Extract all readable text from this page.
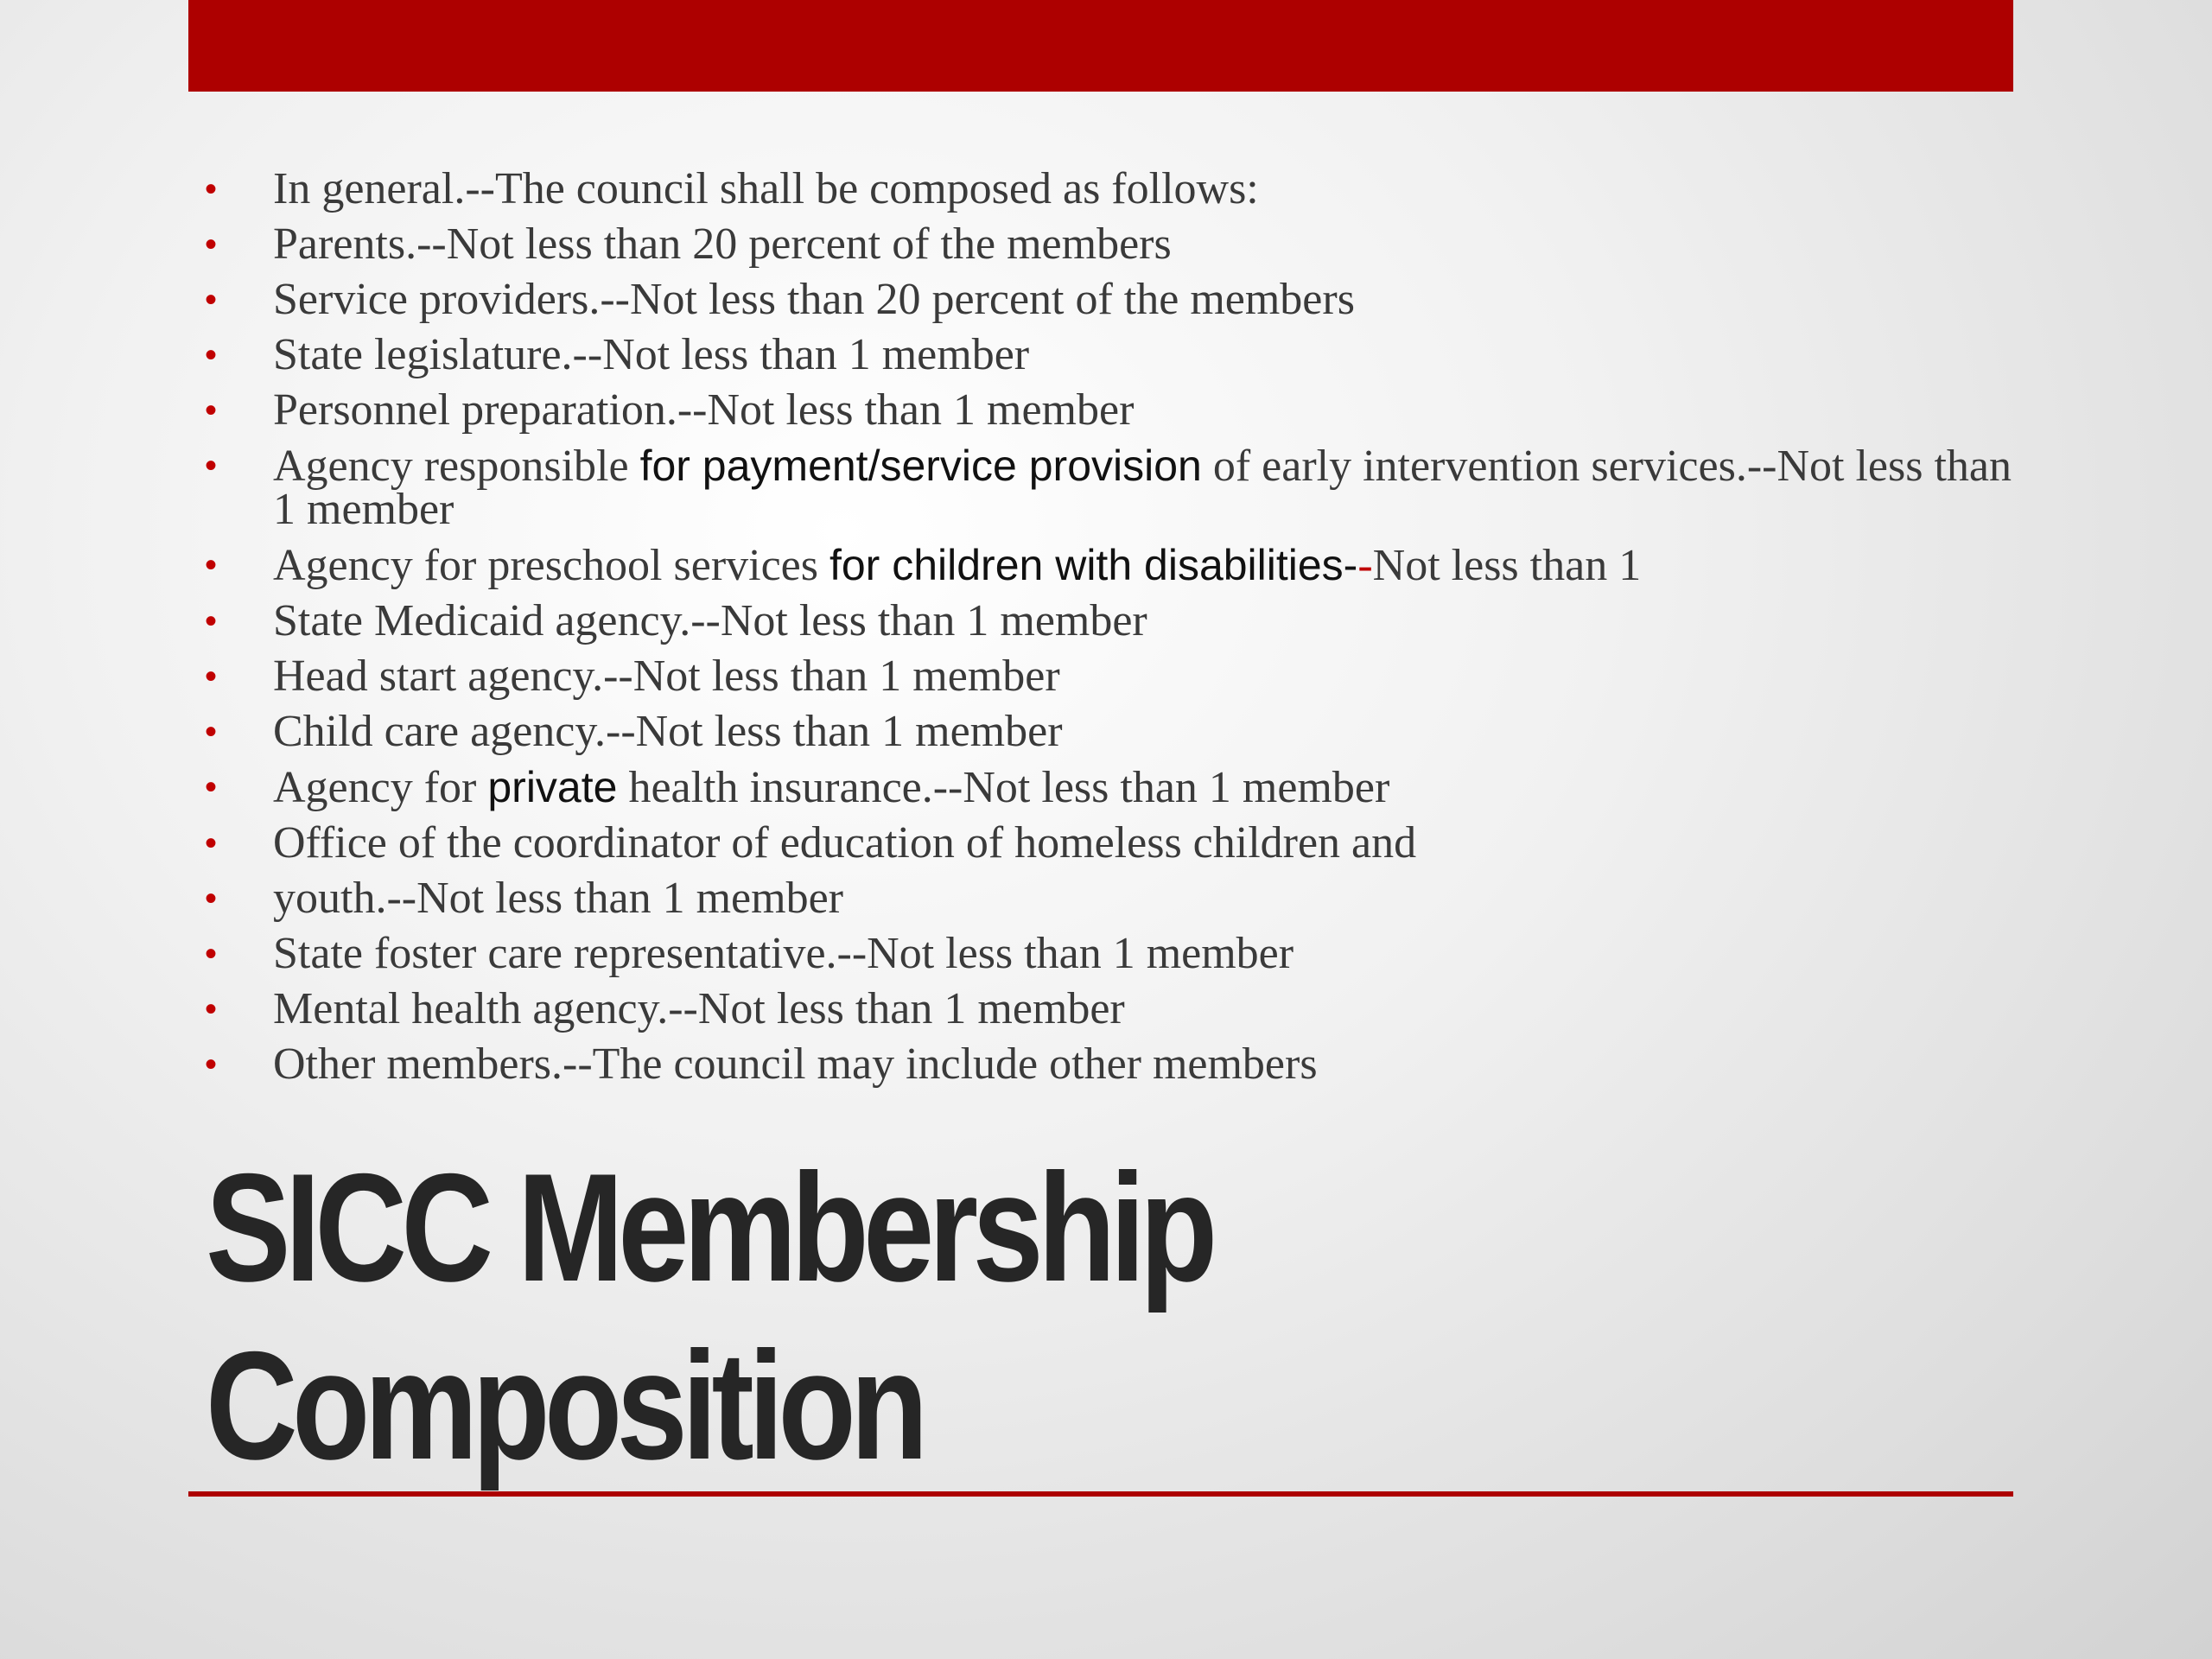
• In general.--The council shall be composed as follows:
• Parents.--Not less than 20 percent of the members
• Service providers.--Not less than 20 percent of the members
• State legislature.--Not less than 1 member
• Personnel preparation.--Not less than 1 member
• Agency responsible for payment/service provision of early intervention services.--Not less than 1 member
• Agency for preschool services for children with disabilities--Not less than 1
• State Medicaid agency.--Not less than 1 member
• Head start agency.--Not less than 1 member
• Child care agency.--Not less than 1 member
• Agency for private health insurance.--Not less than 1 member
• Office of the coordinator of education of homeless children and
• youth.--Not less than 1 member
• State foster care representative.--Not less than 1 member
• Mental health agency.--Not less than 1 member
• Other members.--The council may include other members
SICC Membership
Composition
